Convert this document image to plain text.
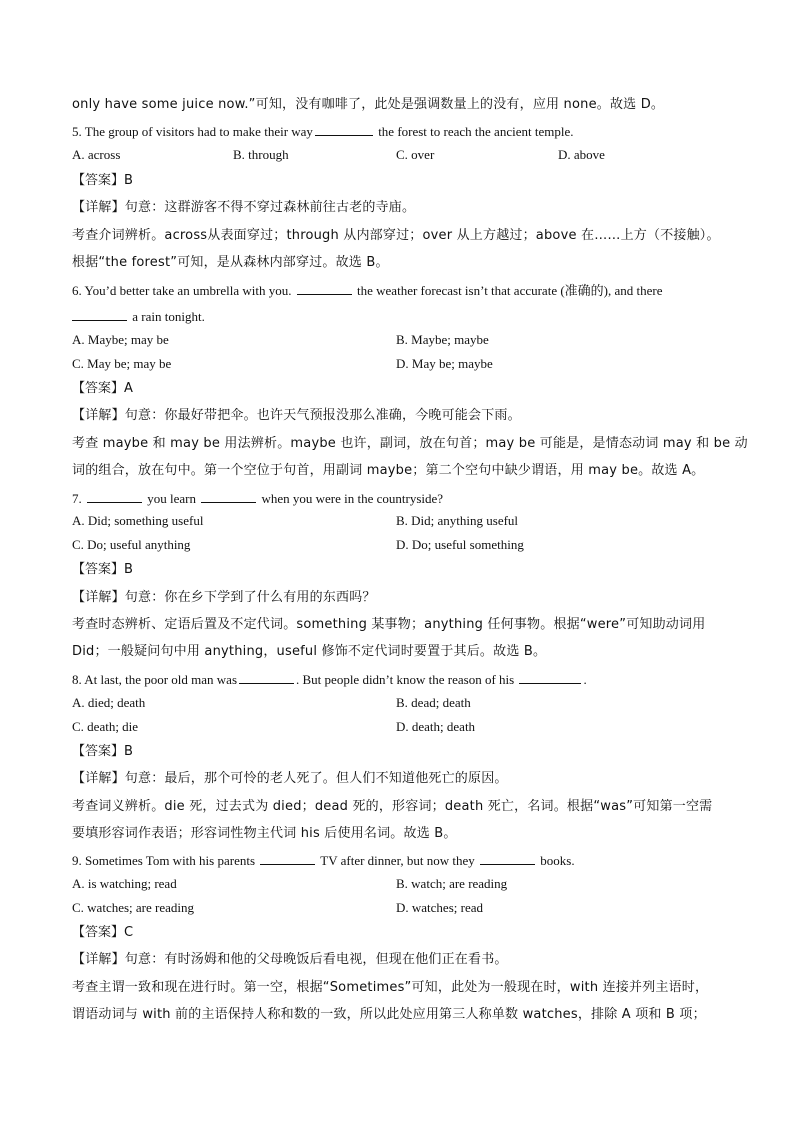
only have some juice now.”可知，没有咖啡了，此处是强调数量上的没有，应用 none。故选 D。
5. The group of visitors had to make their way	the forest to reach the ancient temple.
A. across	B. through	C. over	D. above
【答案】B
【详解】句意：这群游客不得不穿过森林前往古老的寺庙。
考查介词辨析。across从表面穿过；through 从内部穿过；over 从上方越过；above 在……上方（不接触）。
根据“the forest”可知，是从森林内部穿过。故选 B。
6. You’d better take an umbrella with you.	the weather forecast isn’t that accurate (准确的), and there
a rain tonight.
A. Maybe; may be	B. Maybe; maybe
C. May be; may be	D. May be; maybe
【答案】A
【详解】句意：你最好带把伞。也许天气预报没那么准确，今晚可能会下雨。
考查 maybe 和 may be 用法辨析。maybe 也许，副词，放在句首；may be 可能是，是情态动词 may 和 be 动
词的组合，放在句中。第一个空位于句首，用副词 maybe；第二个空句中缺少谓语，用 may be。故选 A。
7.	you learn	when you were in the countryside?
A. Did; something useful	B. Did; anything useful
C. Do; useful anything	D. Do; useful something
【答案】B
【详解】句意：你在乡下学到了什么有用的东西吗？
考查时态辨析、定语后置及不定代词。something 某事物；anything 任何事物。根据“were”可知助动词用
Did；一般疑问句中用 anything，useful 修饰不定代词时要置于其后。故选 B。
8. At last, the poor old man was	. But people didn’t know the reason of his	.
A. died; death	B. dead; death
C. death; die	D. death; death
【答案】B
【详解】句意：最后，那个可怜的老人死了。但人们不知道他死亡的原因。
考查词义辨析。die 死，过去式为 died；dead 死的，形容词；death 死亡，名词。根据“was”可知第一空需
要填形容词作表语；形容词性物主代词 his 后使用名词。故选 B。
9. Sometimes Tom with his parents	TV after dinner, but now they	books.
A. is watching; read	B. watch; are reading
C. watches; are reading	D. watches; read
【答案】C
【详解】句意：有时汤姆和他的父母晚饭后看电视，但现在他们正在看书。
考查主谓一致和现在进行时。第一空，根据“Sometimes”可知，此处为一般现在时，with 连接并列主语时，
谓语动词与 with 前的主语保持人称和数的一致，所以此处应用第三人称单数 watches，排除 A 项和 B 项；
